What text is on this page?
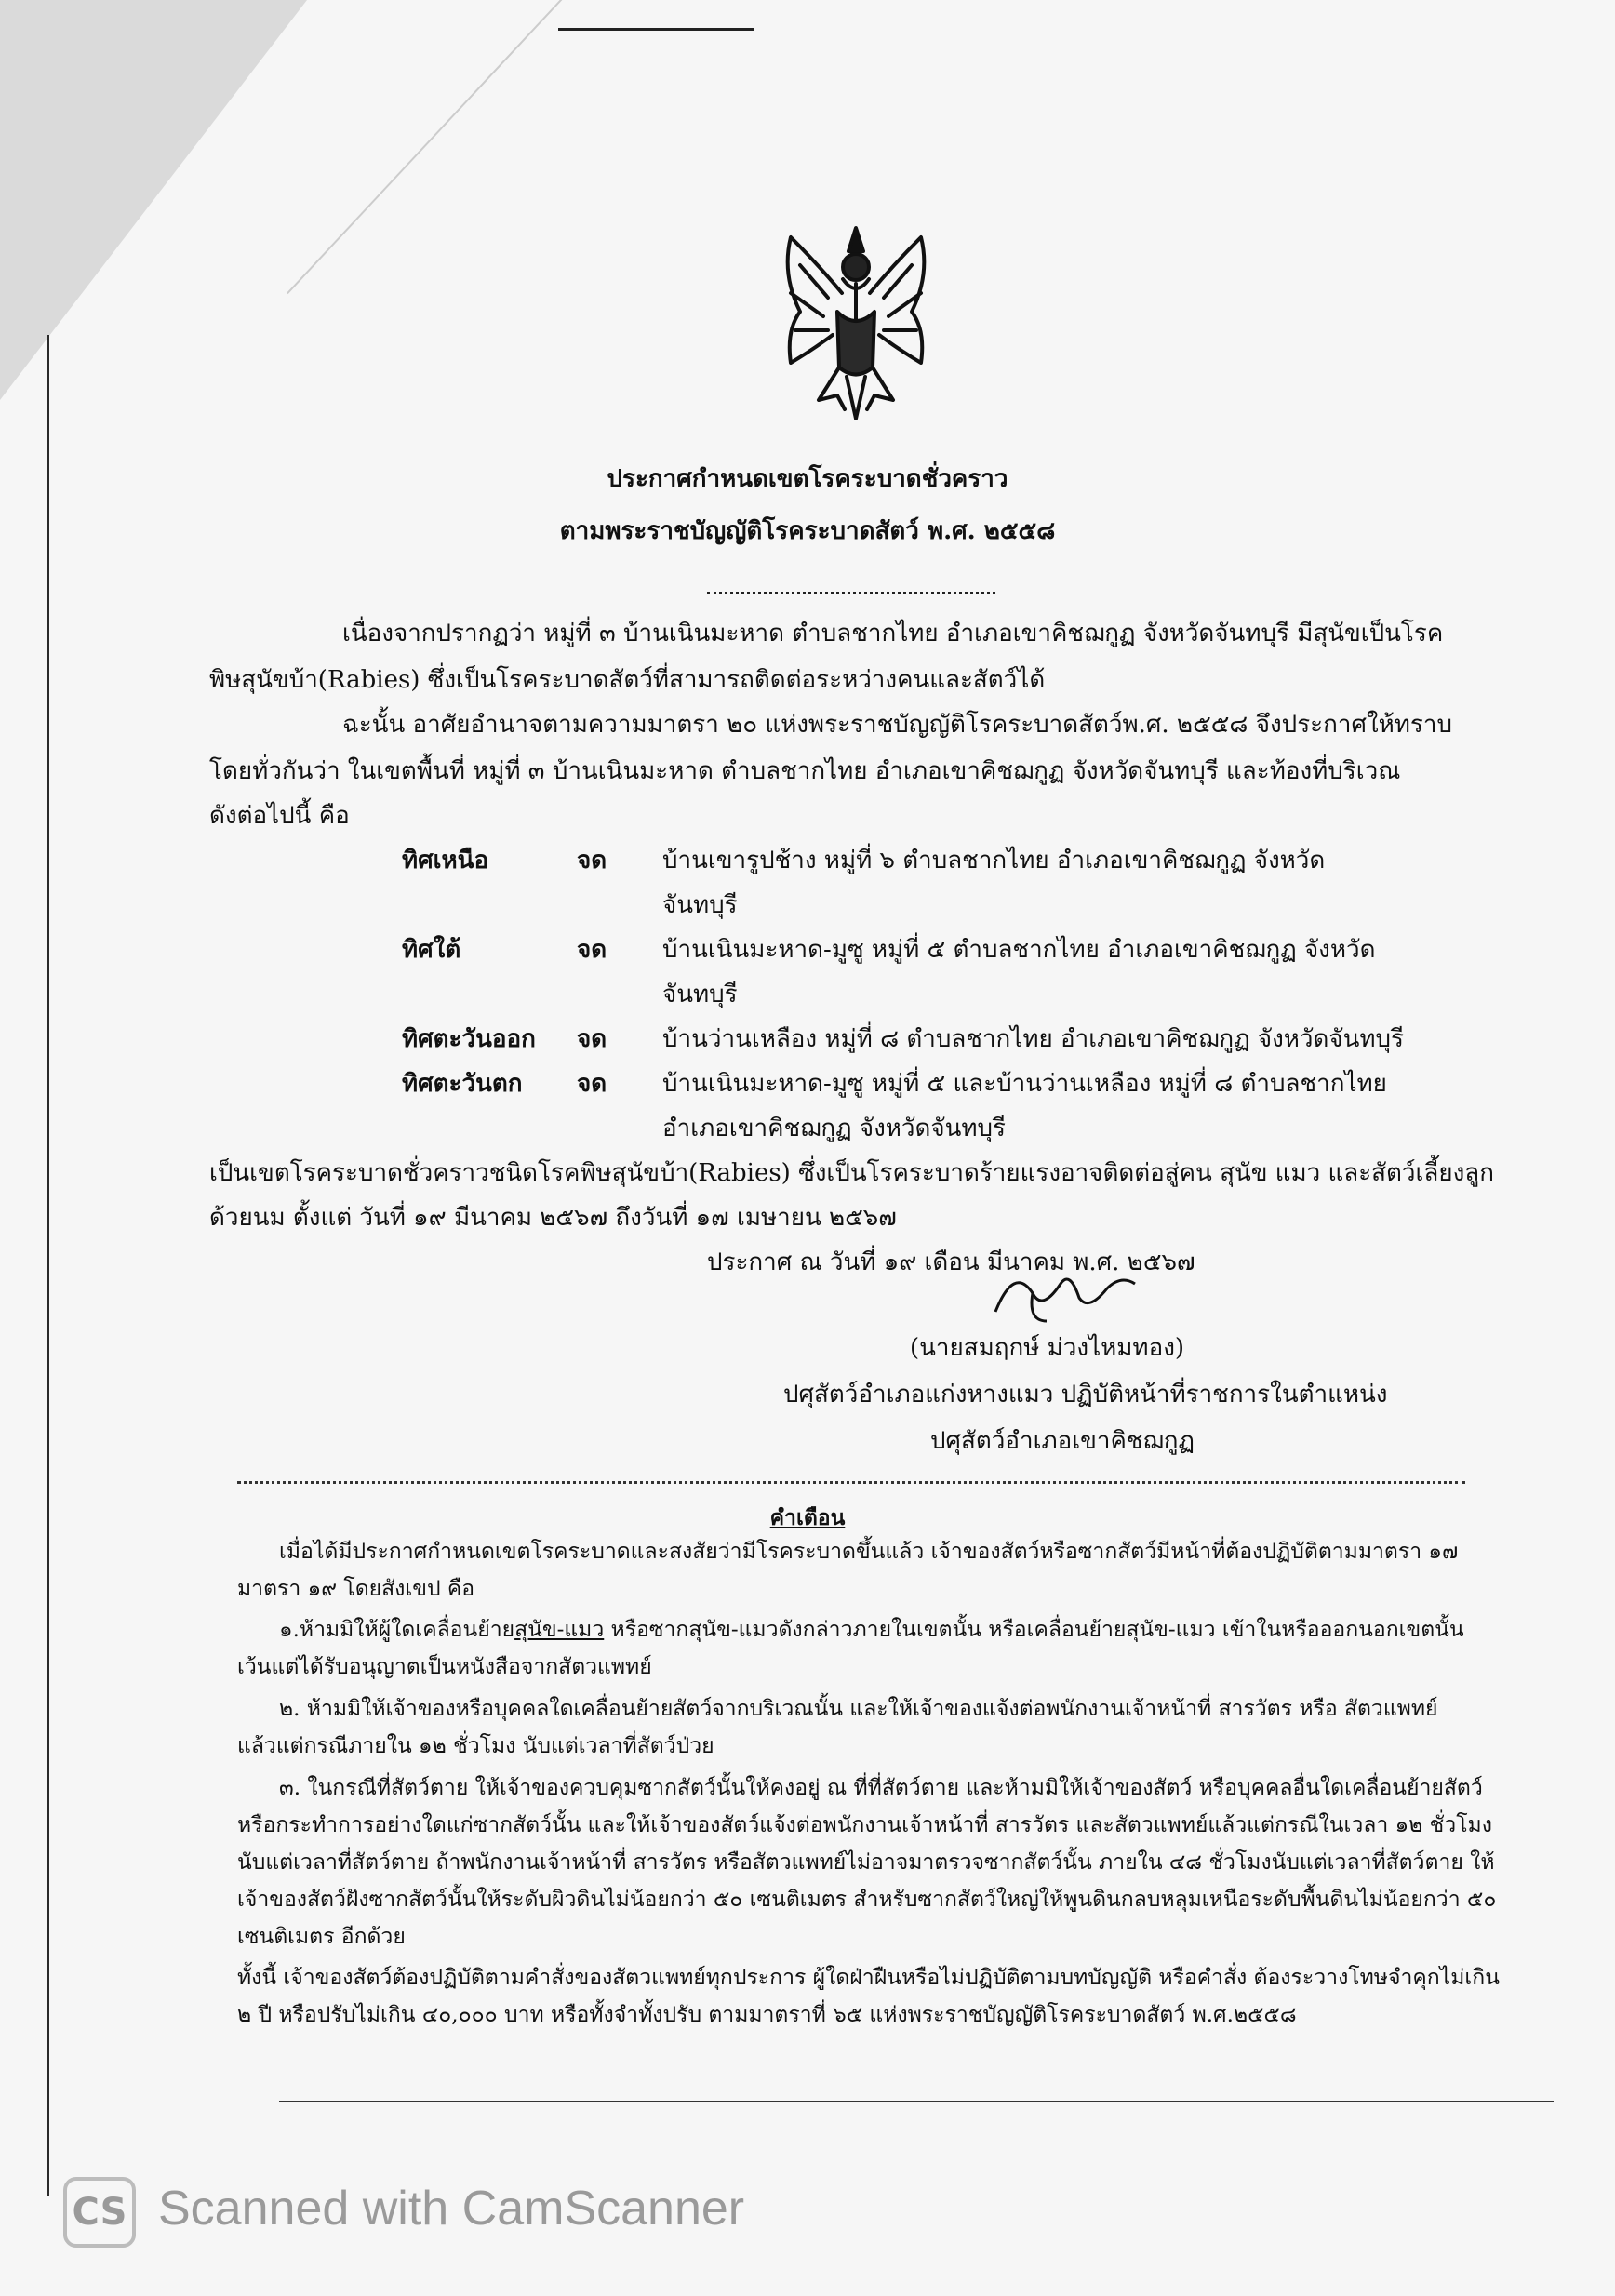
ประกาศกำหนดเขตโรคระบาดชั่วคราว
ตามพระราชบัญญัติโรคระบาดสัตว์ พ.ศ. ๒๕๕๘
เนื่องจากปรากฏว่า หมู่ที่ ๓ บ้านเนินมะหาด ตำบลชากไทย อำเภอเขาคิชฌกูฏ จังหวัดจันทบุรี มีสุนัขเป็นโรค
พิษสุนัขบ้า(Rabies) ซึ่งเป็นโรคระบาดสัตว์ที่สามารถติดต่อระหว่างคนและสัตว์ได้
ฉะนั้น อาศัยอำนาจตามความมาตรา ๒๐ แห่งพระราชบัญญัติโรคระบาดสัตว์พ.ศ. ๒๕๕๘ จึงประกาศให้ทราบ
โดยทั่วกันว่า ในเขตพื้นที่ หมู่ที่ ๓ บ้านเนินมะหาด ตำบลชากไทย อำเภอเขาคิชฌกูฏ จังหวัดจันทบุรี และท้องที่บริเวณ
ดังต่อไปนี้ คือ
ทิศเหนือ	จด บ้านเขารูปช้าง หมู่ที่ ๖ ตำบลชากไทย อำเภอเขาคิชฌกูฏ จังหวัด
จันทบุรี
ทิศใต้	จด บ้านเนินมะหาด-มูซู หมู่ที่ ๕ ตำบลชากไทย อำเภอเขาคิชฌกูฏ จังหวัด
จันทบุรี
ทิศตะวันออก จด บ้านว่านเหลือง หมู่ที่ ๘ ตำบลชากไทย อำเภอเขาคิชฌกูฏ จังหวัดจันทบุรี
ทิศตะวันตก จด บ้านเนินมะหาด-มูซู หมู่ที่ ๕ และบ้านว่านเหลือง หมู่ที่ ๘ ตำบลชากไทย
อำเภอเขาคิชฌกูฏ จังหวัดจันทบุรี
เป็นเขตโรคระบาดชั่วคราวชนิดโรคพิษสุนัขบ้า(Rabies) ซึ่งเป็นโรคระบาดร้ายแรงอาจติดต่อสู่คน สุนัข แมว และสัตว์เลี้ยงลูก
ด้วยนม ตั้งแต่ วันที่ ๑๙ มีนาคม ๒๕๖๗ ถึงวันที่ ๑๗ เมษายน ๒๕๖๗
ประกาศ ณ วันที่ ๑๙ เดือน มีนาคม พ.ศ. ๒๕๖๗
(นายสมฤกษ์ ม่วงไหมทอง)
ปศุสัตว์อำเภอแก่งหางแมว ปฏิบัติหน้าที่ราชการในตำแหน่ง
ปศุสัตว์อำเภอเขาคิชฌกูฏ
คำเตือน
เมื่อได้มีประกาศกำหนดเขตโรคระบาดและสงสัยว่ามีโรคระบาดขึ้นแล้ว เจ้าของสัตว์หรือซากสัตว์มีหน้าที่ต้องปฏิบัติตามมาตรา ๑๗
มาตรา ๑๙ โดยสังเขป คือ
๑.ห้ามมิให้ผู้ใดเคลื่อนย้ายสุนัข-แมว หรือซากสุนัข-แมวดังกล่าวภายในเขตนั้น หรือเคลื่อนย้ายสุนัข-แมว เข้าในหรือออกนอกเขตนั้น
เว้นแต่ได้รับอนุญาตเป็นหนังสือจากสัตวแพทย์
๒. ห้ามมิให้เจ้าของหรือบุคคลใดเคลื่อนย้ายสัตว์จากบริเวณนั้น และให้เจ้าของแจ้งต่อพนักงานเจ้าหน้าที่ สารวัตร หรือ สัตวแพทย์
แล้วแต่กรณีภายใน ๑๒ ชั่วโมง นับแต่เวลาที่สัตว์ป่วย
๓. ในกรณีที่สัตว์ตาย ให้เจ้าของควบคุมซากสัตว์นั้นให้คงอยู่ ณ ที่ที่สัตว์ตาย และห้ามมิให้เจ้าของสัตว์ หรือบุคคลอื่นใดเคลื่อนย้ายสัตว์
หรือกระทำการอย่างใดแก่ซากสัตว์นั้น และให้เจ้าของสัตว์แจ้งต่อพนักงานเจ้าหน้าที่ สารวัตร และสัตวแพทย์แล้วแต่กรณีในเวลา ๑๒ ชั่วโมง
นับแต่เวลาที่สัตว์ตาย ถ้าพนักงานเจ้าหน้าที่ สารวัตร หรือสัตวแพทย์ไม่อาจมาตรวจซากสัตว์นั้น ภายใน ๔๘ ชั่วโมงนับแต่เวลาที่สัตว์ตาย ให้
เจ้าของสัตว์ฝังซากสัตว์นั้นให้ระดับผิวดินไม่น้อยกว่า ๕๐ เซนติเมตร สำหรับซากสัตว์ใหญ่ให้พูนดินกลบหลุมเหนือระดับพื้นดินไม่น้อยกว่า ๕๐
เซนติเมตร อีกด้วย
ทั้งนี้ เจ้าของสัตว์ต้องปฏิบัติตามคำสั่งของสัตวแพทย์ทุกประการ ผู้ใดฝ่าฝืนหรือไม่ปฏิบัติตามบทบัญญัติ หรือคำสั่ง ต้องระวางโทษจำคุกไม่เกิน
๒ ปี หรือปรับไม่เกิน ๔๐,๐๐๐ บาท หรือทั้งจำทั้งปรับ ตามมาตราที่ ๖๕ แห่งพระราชบัญญัติโรคระบาดสัตว์ พ.ศ.๒๕๕๘
CS Scanned with CamScanner
